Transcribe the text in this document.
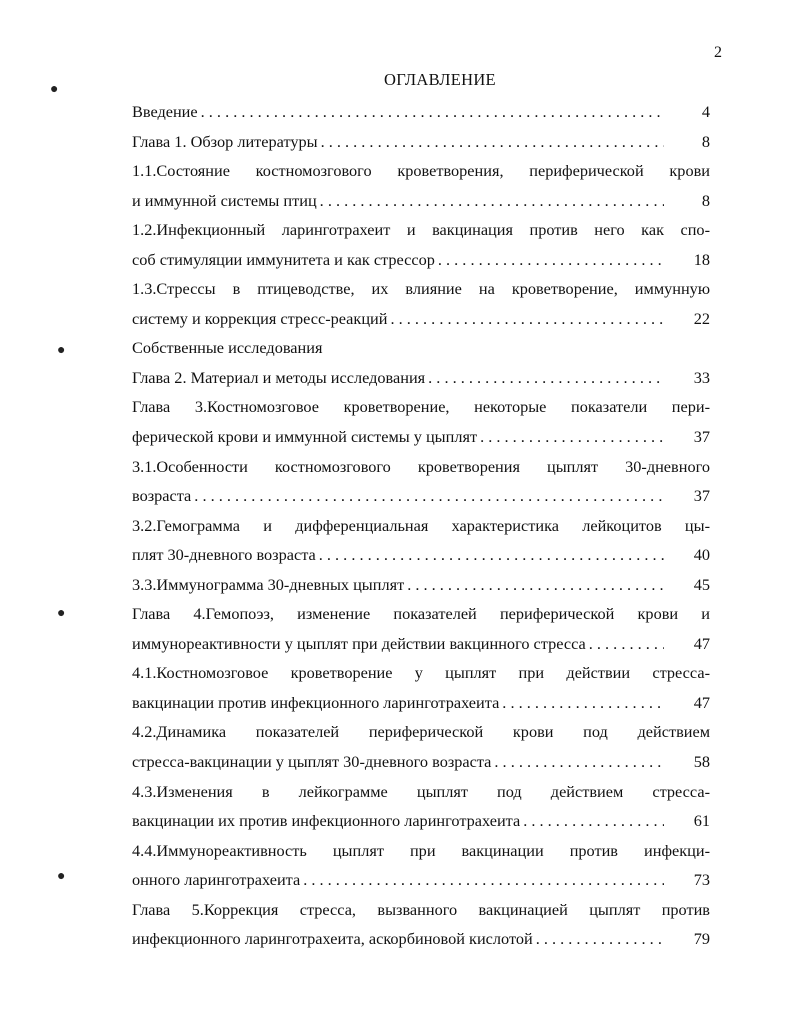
2
ОГЛАВЛЕНИЕ
●
●
●
●
Введение . . .	4
Глава 1. Обзор литературы . . .	8
1.1.Состояние костномозгового кроветворения, периферической крови
и иммунной системы птиц . . .	8
1.2.Инфекционный ларинготрахеит и вакцинация против него как спо-
соб стимуляции иммунитета и как стрессор . . .	18
1.3.Стрессы в птицеводстве, их влияние на кроветворение, иммунную
систему и коррекция стресс-реакций . . .	22
Собственные исследования
Глава 2. Материал и методы исследования . . .	33
Глава 3.Костномозговое кроветворение, некоторые показатели пери-
ферической крови и иммунной системы у цыплят . . .	37
3.1.Особенности костномозгового кроветворения цыплят 30-дневного
возраста . . .	37
3.2.Гемограмма и дифференциальная характеристика лейкоцитов цы-
плят 30-дневного возраста . . .	40
3.3.Иммунограмма 30-дневных цыплят . . .	45
Глава 4.Гемопоэз, изменение показателей периферической крови и
иммунореактивности у цыплят при действии вакцинного стресса . . .	47
4.1.Костномозговое кроветворение у цыплят при действии стресса-
вакцинации против инфекционного ларинготрахеита . . .	47
4.2.Динамика показателей периферической крови под действием
стресса-вакцинации у цыплят 30-дневного возраста . . .	58
4.3.Изменения в лейкограмме цыплят под действием стресса-
вакцинации их против инфекционного ларинготрахеита . . .	61
4.4.Иммунореактивность цыплят при вакцинации против инфекци-
онного ларинготрахеита . . .	73
Глава 5.Коррекция стресса, вызванного вакцинацией цыплят против
инфекционного ларинготрахеита, аскорбиновой кислотой . . .	79
